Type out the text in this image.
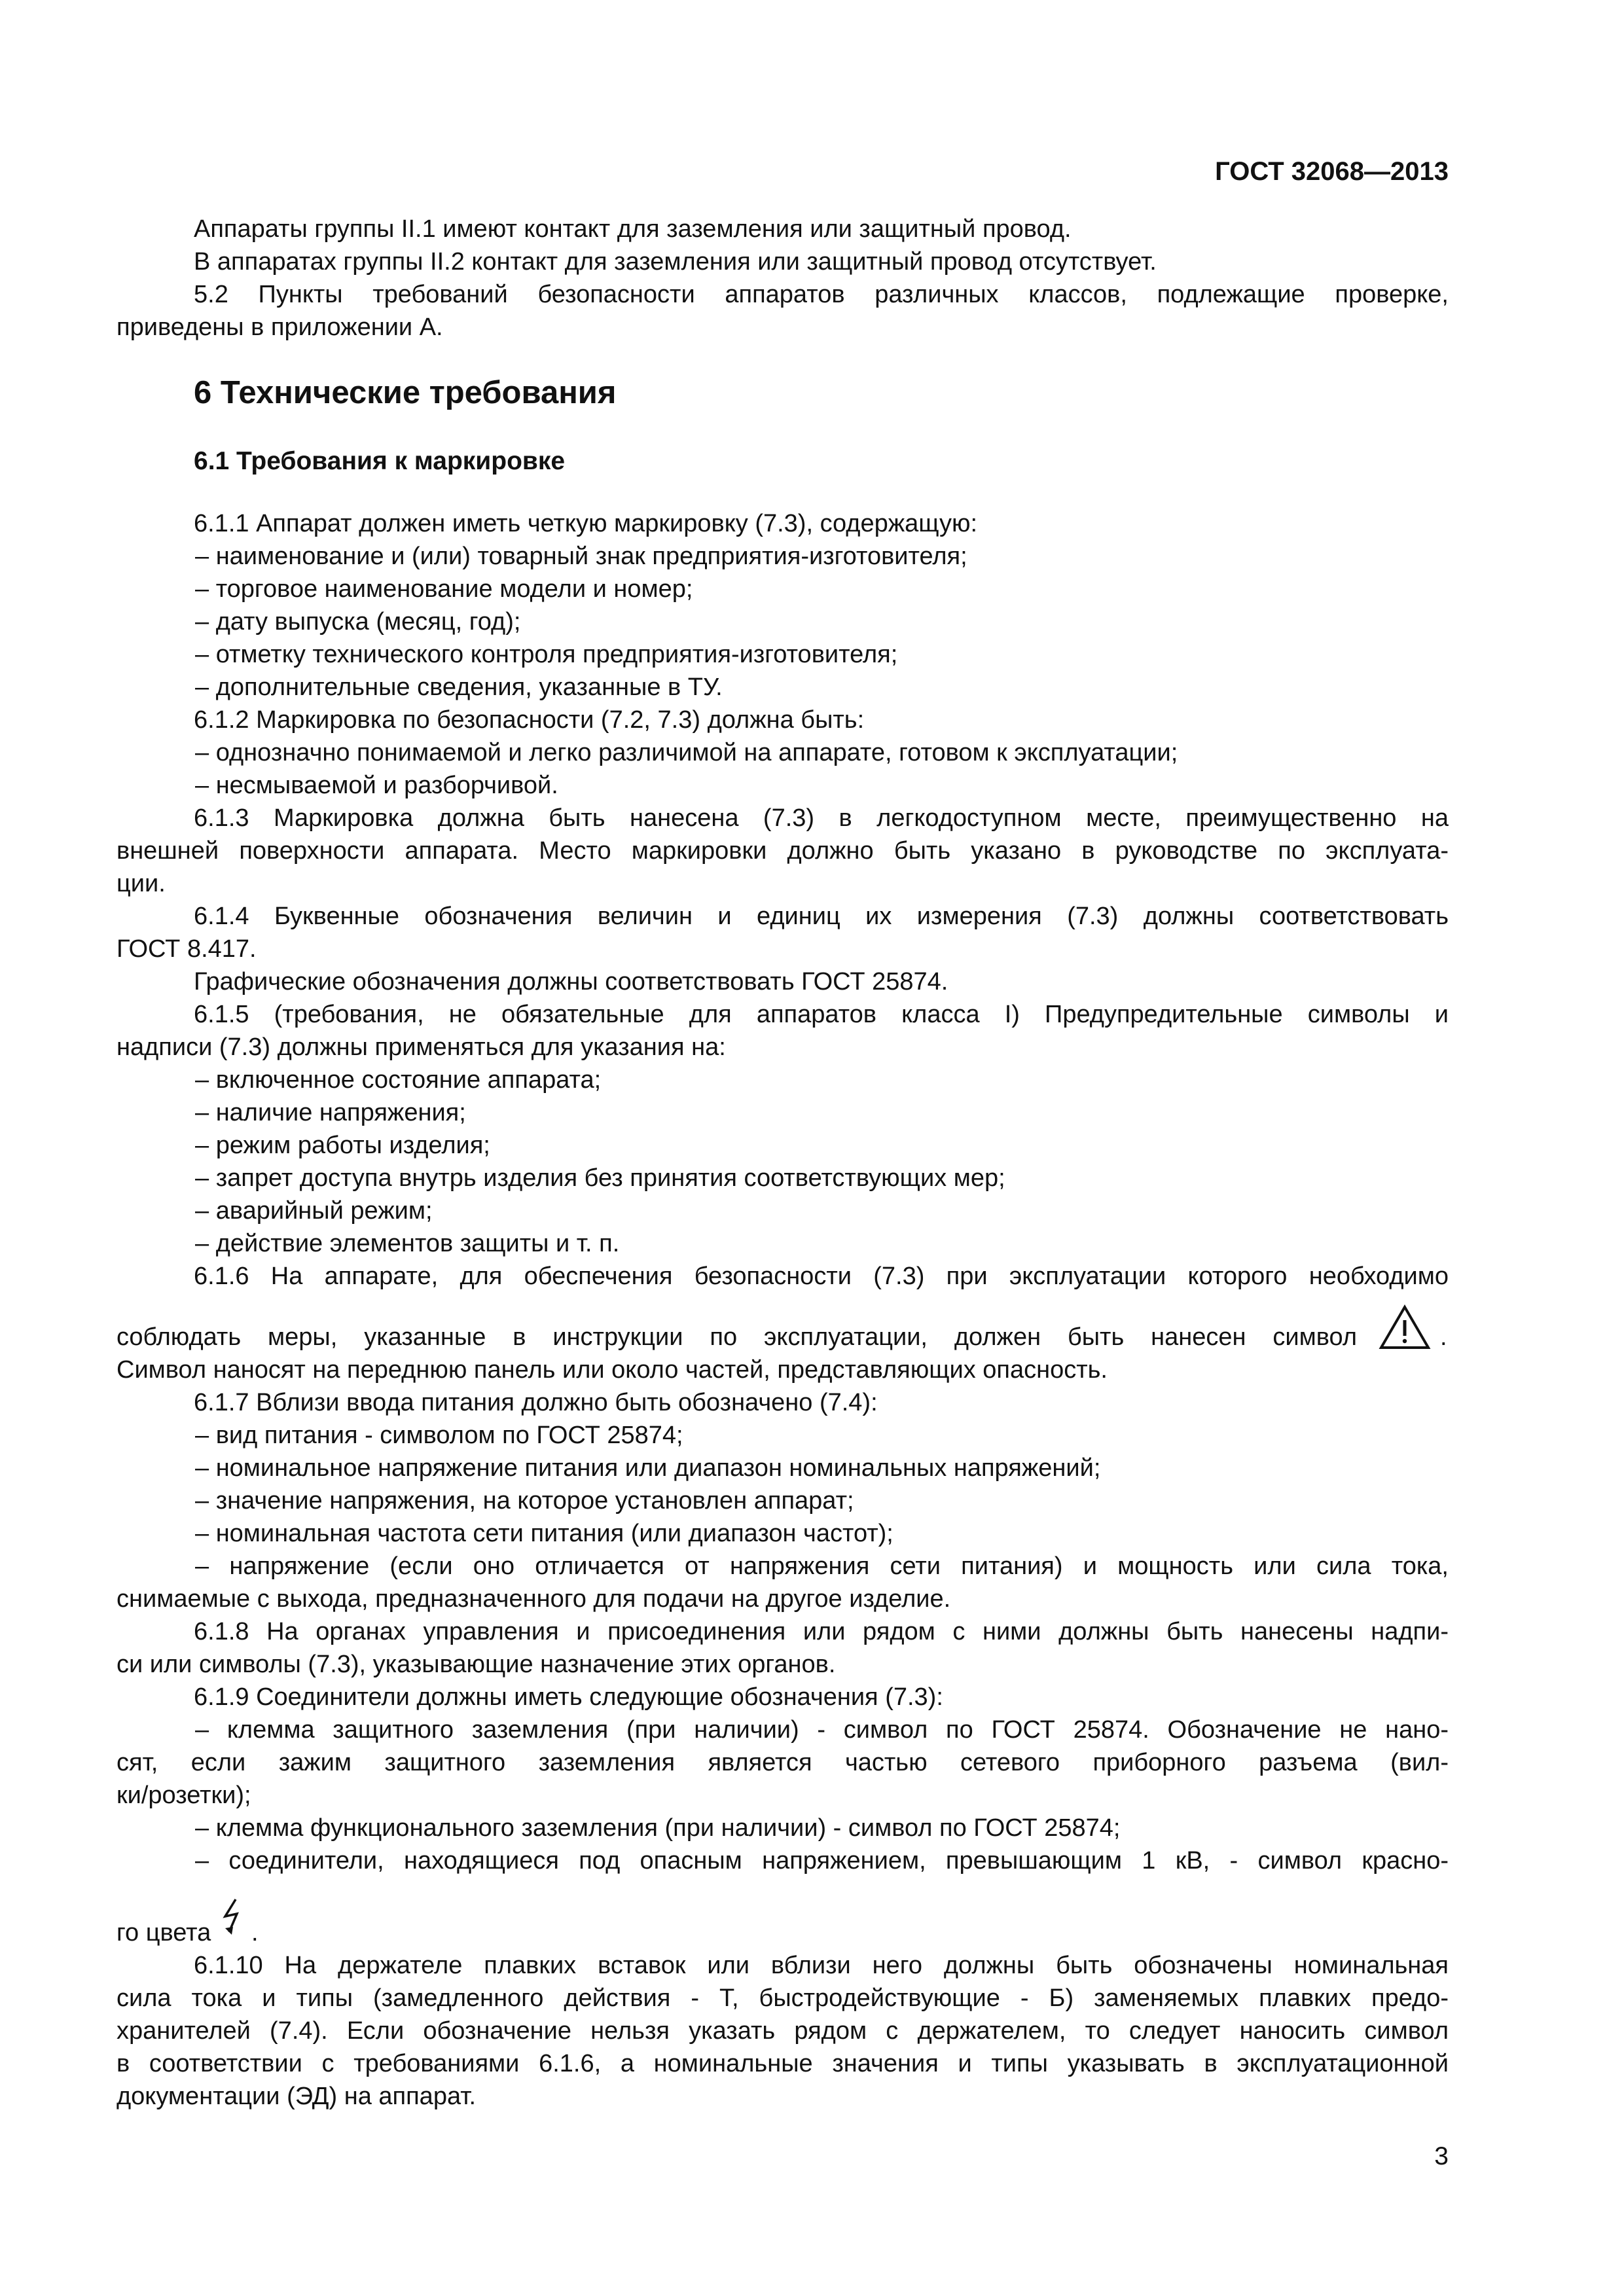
ГОСТ 32068—2013
Аппараты группы II.1 имеют контакт для заземления или защитный провод.
В аппаратах группы II.2 контакт для заземления или защитный провод отсутствует.
5.2 Пункты требований безопасности аппаратов различных классов, подлежащие проверке,
приведены в приложении А.
6 Технические требования
6.1 Требования к маркировке
6.1.1 Аппарат должен иметь четкую маркировку (7.3), содержащую:
– наименование и (или) товарный знак предприятия-изготовителя;
– торговое наименование модели и номер;
– дату выпуска (месяц, год);
– отметку технического контроля предприятия-изготовителя;
– дополнительные сведения, указанные в ТУ.
6.1.2 Маркировка по безопасности (7.2, 7.3) должна быть:
– однозначно понимаемой и легко различимой на аппарате, готовом к эксплуатации;
– несмываемой и разборчивой.
6.1.3 Маркировка должна быть нанесена (7.3) в легкодоступном месте, преимущественно на
внешней поверхности аппарата. Место маркировки должно быть указано в руководстве по эксплуата-
ции.
6.1.4 Буквенные обозначения величин и единиц их измерения (7.3) должны соответствовать
ГОСТ 8.417.
Графические обозначения должны соответствовать ГОСТ 25874.
6.1.5 (требования, не обязательные для аппаратов класса I) Предупредительные символы и
надписи (7.3) должны применяться для указания на:
– включенное состояние аппарата;
– наличие напряжения;
– режим работы изделия;
– запрет доступа внутрь изделия без принятия соответствующих мер;
– аварийный режим;
– действие элементов защиты и т. п.
6.1.6 На аппарате, для обеспечения безопасности (7.3) при эксплуатации которого необходимо
соблюдать меры, указанные в инструкции по эксплуатации, должен быть нанесен символ	.
Символ наносят на переднюю панель или около частей, представляющих опасность.
6.1.7 Вблизи ввода питания должно быть обозначено (7.4):
– вид питания - символом по ГОСТ 25874;
– номинальное напряжение питания или диапазон номинальных напряжений;
– значение напряжения, на которое установлен аппарат;
– номинальная частота сети питания (или диапазон частот);
– напряжение (если оно отличается от напряжения сети питания) и мощность или сила тока,
снимаемые с выхода, предназначенного для подачи на другое изделие.
6.1.8 На органах управления и присоединения или рядом с ними должны быть нанесены надпи-
си или символы (7.3), указывающие назначение этих органов.
6.1.9 Соединители должны иметь следующие обозначения (7.3):
– клемма защитного заземления (при наличии) - символ по ГОСТ 25874. Обозначение не нано-
сят, если зажим защитного заземления является частью сетевого приборного разъема (вил-
ки/розетки);
– клемма функционального заземления (при наличии) - символ по ГОСТ 25874;
– соединители, находящиеся под опасным напряжением, превышающим 1 кВ, - символ красно-
го цвета	.
6.1.10 На держателе плавких вставок или вблизи него должны быть обозначены номинальная
сила тока и типы (замедленного действия - Т, быстродействующие - Б) заменяемых плавких предо-
хранителей (7.4). Если обозначение нельзя указать рядом с держателем, то следует наносить символ
в соответствии с требованиями 6.1.6, а номинальные значения и типы указывать в эксплуатационной
документации (ЭД) на аппарат.
3
